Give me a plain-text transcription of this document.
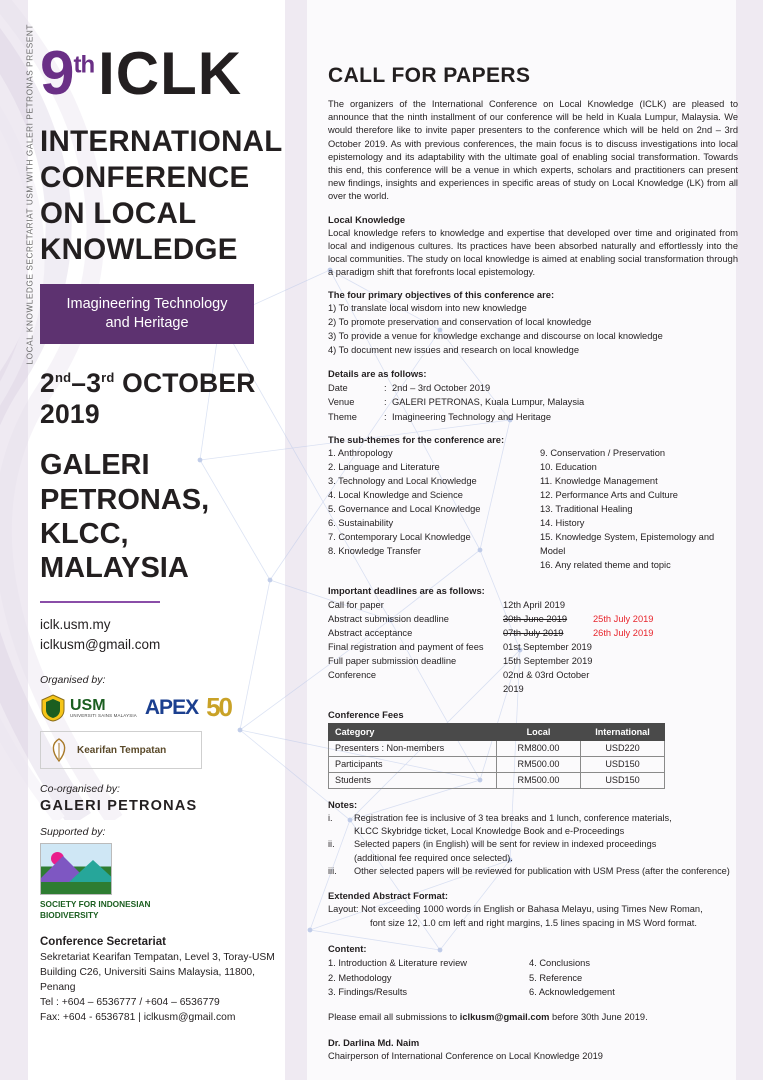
LOCAL KNOWLEDGE SECRETARIAT USM WITH GALERI PETRONAS PRESENT 9thICLK
INTERNATIONAL
CONFERENCE
ON LOCAL
KNOWLEDGE
Imagineering Technology
and Heritage
2nd–3rd OCTOBER 2019
GALERI
PETRONAS,
KLCC,
MALAYSIA
iclk.usm.my
iclkusm@gmail.com
Organised by:
USM
UNIVERSITI SAINS MALAYSIA APEX 50
Kearifan Tempatan
Co-organised by:
GALERI PETRONAS
Supported by:
SOCIETY FOR INDONESIAN
BIODIVERSITY
Conference Secretariat
Sekretariat Kearifan Tempatan, Level 3, Toray-USM
Building C26, Universiti Sains Malaysia, 11800, Penang
Tel : +604 – 6536777 / +604 – 6536779
Fax: +604 - 6536781 | iclkusm@gmail.com
CALL FOR PAPERS
The organizers of the International Conference on Local Knowledge (ICLK) are pleased to announce that the ninth installment of our conference will be held in Kuala Lumpur, Malaysia. We would therefore like to invite paper presenters to the conference which will be held on 2nd – 3rd October 2019. As with previous conferences, the main focus is to discuss investigations into local epistemology and its adaptability with the ultimate goal of enabling social transformation. Towards this end, this conference will be a venue in which experts, scholars and practitioners can present new findings, insights and experiences in specific areas of study on Local Knowledge (LK) from all over the world.
Local Knowledge
Local knowledge refers to knowledge and expertise that developed over time and originated from local and indigenous cultures. Its practices have been absorbed naturally and effortlessly into the local communities. The study on local knowledge is aimed at enabling social transformation through a paradigm shift that forefronts local epistemology.
The four primary objectives of this conference are:
1) To translate local wisdom into new knowledge
2) To promote preservation and conservation of local knowledge
3) To provide a venue for knowledge exchange and discourse on local knowledge
4) To document new issues and research on local knowledge
Details are as follows:
Date	: 2nd – 3rd October 2019
Venue	: GALERI PETRONAS, Kuala Lumpur, Malaysia
Theme	: Imagineering Technology and Heritage
The sub-themes for the conference are:
1. Anthropology
2. Language and Literature
3. Technology and Local Knowledge
4. Local Knowledge and Science
5. Governance and Local Knowledge
6. Sustainability
7. Contemporary Local Knowledge
8. Knowledge Transfer
9. Conservation / Preservation
10. Education
11. Knowledge Management
12. Performance Arts and Culture
13. Traditional Healing
14. History
15. Knowledge System, Epistemology and Model
16. Any related theme and topic
Important deadlines are as follows:
Call for paper	12th April 2019
Abstract submission deadline	30th June 2019	25th July 2019
Abstract acceptance	07th July 2019	26th July 2019
Final registration and payment of fees	01st September 2019
Full paper submission deadline	15th September 2019
Conference	02nd & 03rd October 2019
Conference Fees
Category	Local	International
Presenters : Non-members	RM800.00	USD220
Participants	RM500.00	USD150
Students	RM500.00	USD150
Notes:
i.	Registration fee is inclusive of 3 tea breaks and 1 lunch, conference materials,
KLCC Skybridge ticket, Local Knowledge Book and e-Proceedings
ii.	Selected papers (in English) will be sent for review in indexed proceedings
(additional fee required once selected).
iii.	Other selected papers will be reviewed for publication with USM Press (after the conference)
Extended Abstract Format:
Layout: Not exceeding 1000 words in English or Bahasa Melayu, using Times New Roman,
font size 12, 1.0 cm left and right margins, 1.5 lines spacing in MS Word format.
Content:
1. Introduction & Literature review
2. Methodology
3. Findings/Results
4. Conclusions
5. Reference
6. Acknowledgement
Please email all submissions to iclkusm@gmail.com before 30th June 2019.
Dr. Darlina Md. Naim
Chairperson of International Conference on Local Knowledge 2019
